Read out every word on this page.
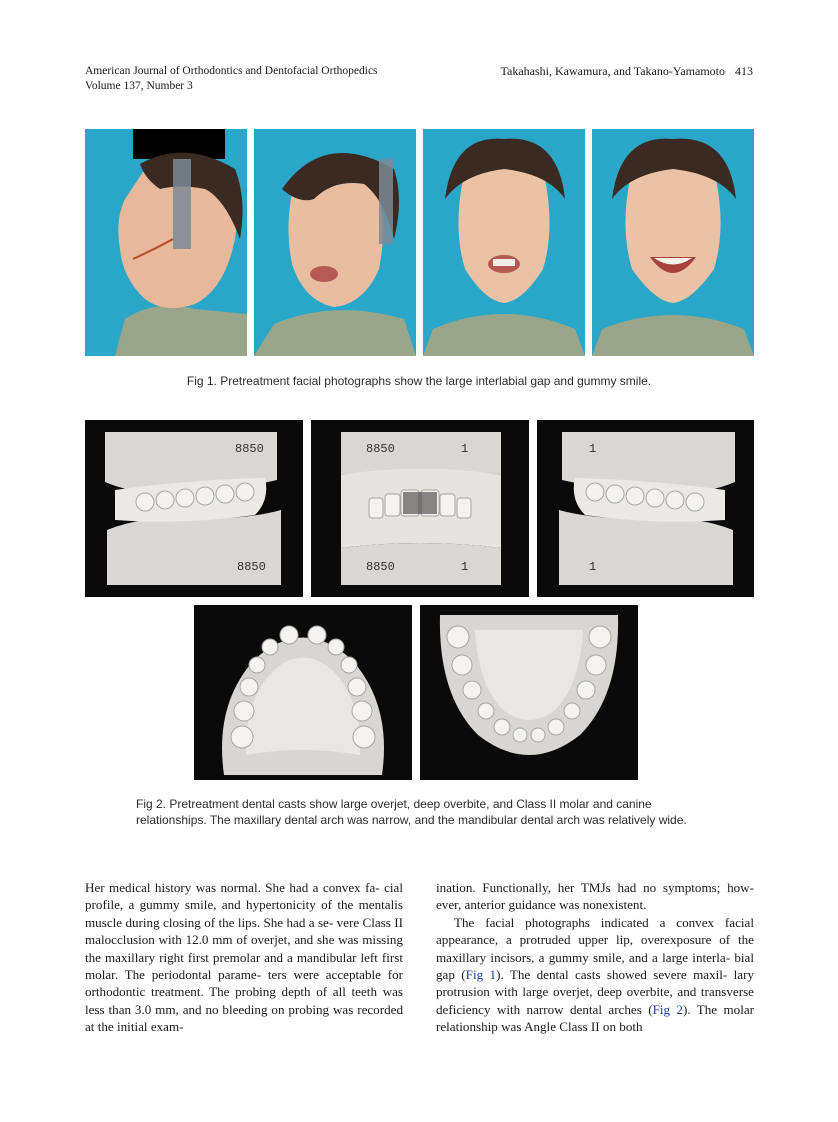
American Journal of Orthodontics and Dentofacial Orthopedics
Volume 137, Number 3
Takahashi, Kawamura, and Takano-Yamamoto 413
Fig 1. Pretreatment facial photographs show the large interlabial gap and gummy smile.
8850
8850
8850	1
8850	1
1
1
Fig 2. Pretreatment dental casts show large overjet, deep overbite, and Class II molar and canine relationships. The maxillary dental arch was narrow, and the mandibular dental arch was relatively wide.

Her medical history was normal. She had a convex fa- cial profile, a gummy smile, and hypertonicity of the mentalis muscle during closing of the lips. She had a se- vere Class II malocclusion with 12.0 mm of overjet, and she was missing the maxillary right first premolar and a mandibular left first molar. The periodontal parame- ters were acceptable for orthodontic treatment. The probing depth of all teeth was less than 3.0 mm, and no bleeding on probing was recorded at the initial exam-

ination. Functionally, her TMJs had no symptoms; how- ever, anterior guidance was nonexistent.

The facial photographs indicated a convex facial appearance, a protruded upper lip, overexposure of the maxillary incisors, a gummy smile, and a large interla- bial gap (Fig 1). The dental casts showed severe maxil- lary protrusion with large overjet, deep overbite, and transverse deficiency with narrow dental arches (Fig 2). The molar relationship was Angle Class II on both
